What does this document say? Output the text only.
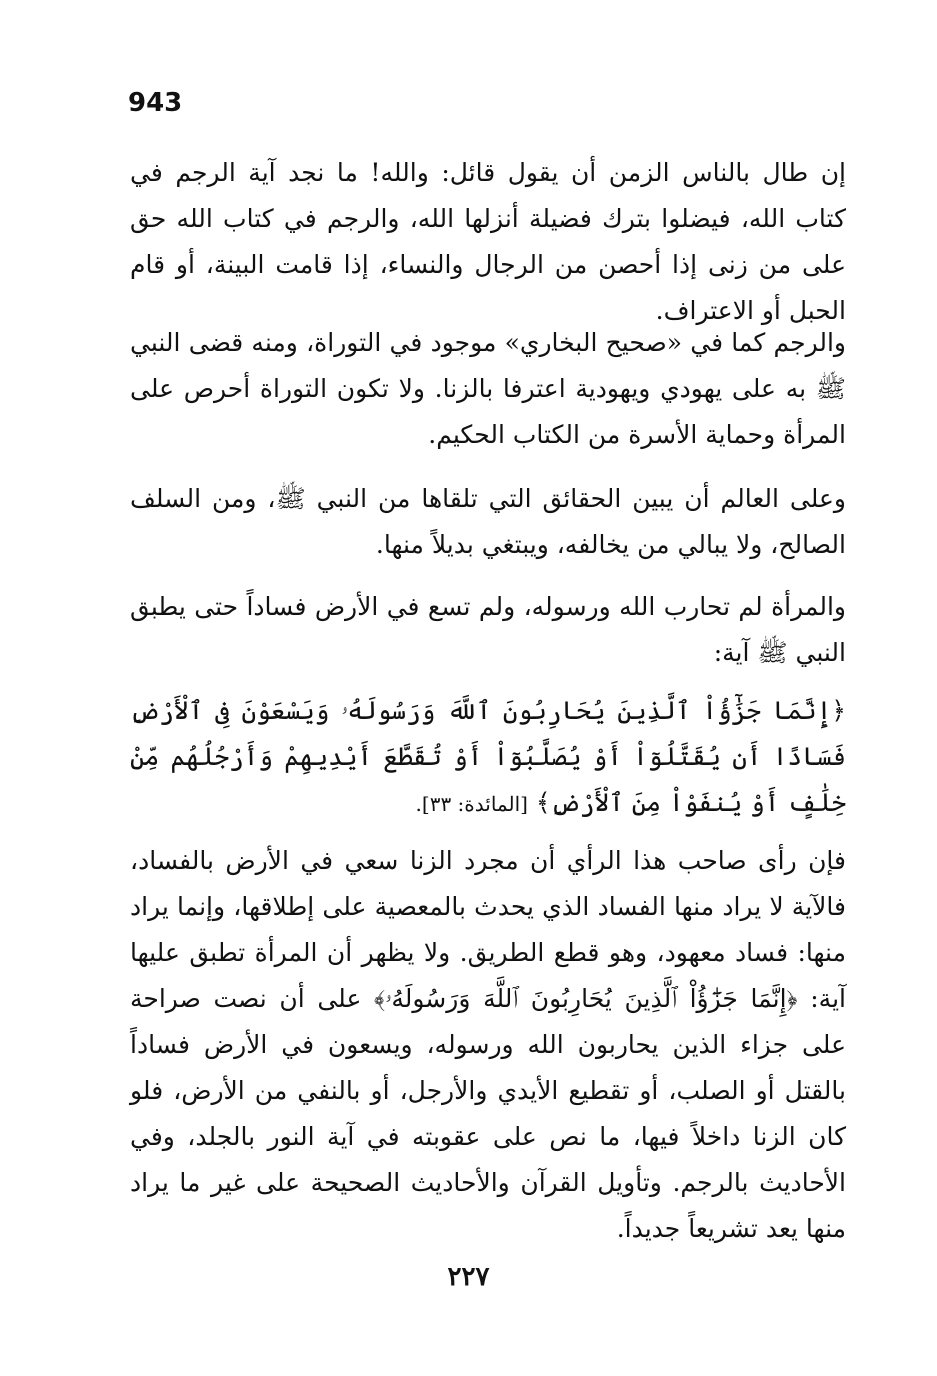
943

إن طال بالناس الزمن أن يقول قائل: والله! ما نجد آية الرجم في كتاب الله، فيضلوا بترك فضيلة أنزلها الله، والرجم في كتاب الله حق على من زنى إذا أحصن من الرجال والنساء، إذا قامت البينة، أو قام الحبل أو الاعتراف.

والرجم كما في «صحيح البخاري» موجود في التوراة، ومنه قضى النبي ﷺ به على يهودي ويهودية اعترفا بالزنا. ولا تكون التوراة أحرص على المرأة وحماية الأسرة من الكتاب الحكيم.

وعلى العالم أن يبين الحقائق التي تلقاها من النبي ﷺ، ومن السلف الصالح، ولا يبالي من يخالفه، ويبتغي بديلاً منها.

والمرأة لم تحارب الله ورسوله، ولم تسع في الأرض فساداً حتى يطبق النبي ﷺ آية:

﴿إِنَّمَا جَزَٰٓؤُاْ ٱلَّذِينَ يُحَارِبُونَ ٱللَّهَ وَرَسُولَهُۥ وَيَسْعَوْنَ فِى ٱلْأَرْضِ فَسَادًا أَن يُقَتَّلُوٓاْ أَوْ يُصَلَّبُوٓاْ أَوْ تُقَطَّعَ أَيْدِيهِمْ وَأَرْجُلُهُم مِّنْ خِلَٰفٍ أَوْ يُنفَوْاْ مِنَ ٱلْأَرْضِ﴾ [المائدة: ٣٣].

فإن رأى صاحب هذا الرأي أن مجرد الزنا سعي في الأرض بالفساد، فالآية لا يراد منها الفساد الذي يحدث بالمعصية على إطلاقها، وإنما يراد منها: فساد معهود، وهو قطع الطريق. ولا يظهر أن المرأة تطبق عليها آية: ﴿إِنَّمَا جَزَٰٓؤُاْ ٱلَّذِينَ يُحَارِبُونَ ٱللَّهَ وَرَسُولَهُۥ﴾ على أن نصت صراحة على جزاء الذين يحاربون الله ورسوله، ويسعون في الأرض فساداً بالقتل أو الصلب، أو تقطيع الأيدي والأرجل، أو بالنفي من الأرض، فلو كان الزنا داخلاً فيها، ما نص على عقوبته في آية النور بالجلد، وفي الأحاديث بالرجم. وتأويل القرآن والأحاديث الصحيحة على غير ما يراد منها يعد تشريعاً جديداً.

٢٢٧
